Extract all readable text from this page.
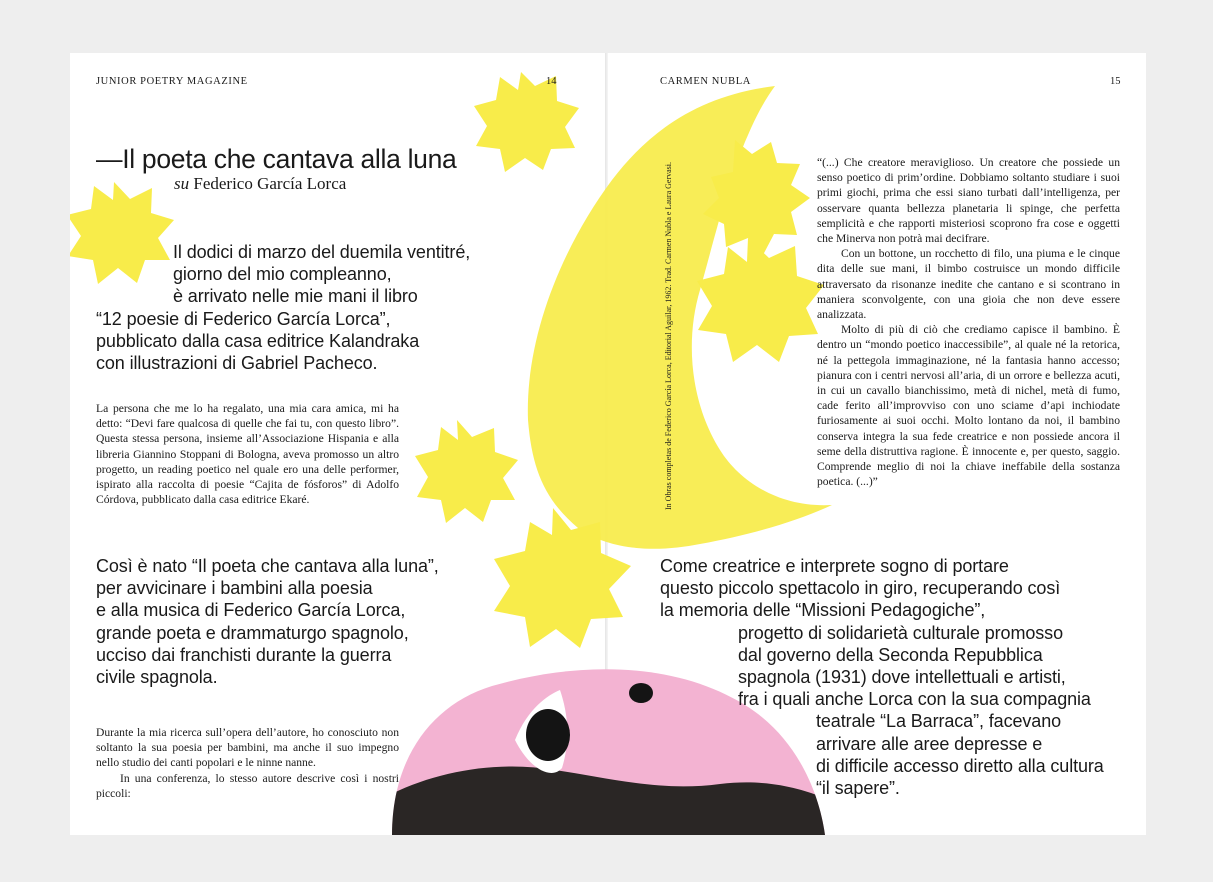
JUNIOR POETRY MAGAZINE	14
—Il poeta che cantava alla luna
su Federico García Lorca
Il dodici di marzo del duemila ventitré,
giorno del mio compleanno,
è arrivato nelle mie mani il libro
“12 poesie di Federico García Lorca”,
pubblicato dalla casa editrice Kalandraka
con illustrazioni di Gabriel Pacheco.

La persona che me lo ha regalato, una mia cara amica, mi ha detto: “Devi fare qualcosa di quelle che fai tu, con questo libro”. Questa stessa persona, insieme all’Associazione Hispania e alla libreria Giannino Stoppani di Bologna, aveva promosso un altro progetto, un reading poetico nel quale ero una delle performer, ispirato alla raccolta di poesie “Cajita de fósforos” di Adolfo Córdova, pubblicato dalla casa editrice Ekaré.

Così è nato “Il poeta che cantava alla luna”,
per avvicinare i bambini alla poesia
e alla musica di Federico García Lorca,
grande poeta e drammaturgo spagnolo,
ucciso dai franchisti durante la guerra
civile spagnola.

Durante la mia ricerca sull’opera dell’autore, ho conosciuto non soltanto la sua poesia per bambini, ma anche il suo impegno nello studio dei canti popolari e le ninne nanne.

In una conferenza, lo stesso autore descrive così i nostri piccoli:

CARMEN NUBLA	15
In Obras completas de Federico García Lorca, Editorial Aguilar, 1962. Trad. Carmen Nubla e Laura Gervasi.	“(...) Che creatore meraviglioso. Un creatore che possiede un senso poetico di prim’ordine. Dobbiamo soltanto studiare i suoi primi giochi, prima che essi siano turbati dall’intelligenza, per osservare quanta bellezza planetaria li spinge, che perfetta semplicità e che rapporti misteriosi scoprono fra cose e oggetti che Minerva non potrà mai decifrare.

Con un bottone, un rocchetto di filo, una piuma e le cinque dita delle sue mani, il bimbo costruisce un mondo difficile attraversato da risonanze inedite che cantano e si scontrano in maniera sconvolgente, con una gioia che non deve essere analizzata.

Molto di più di ciò che crediamo capisce il bambino. È dentro un “mondo poetico inaccessibile”, al quale né la retorica, né la pettegola immaginazione, né la fantasia hanno accesso; pianura con i centri nervosi all’aria, di un orrore e bellezza acuti, in cui un cavallo bianchissimo, metà di nichel, metà di fumo, cade ferito all’improvviso con uno sciame d’api inchiodate furiosamente ai suoi occhi. Molto lontano da noi, il bambino conserva integra la sua fede creatrice e non possiede ancora il seme della distruttiva ragione. È innocente e, per questo, saggio. Comprende meglio di noi la chiave ineffabile della sostanza poetica. (...)”

Come creatrice e interprete sogno di portare
questo piccolo spettacolo in giro, recuperando così
la memoria delle “Missioni Pedagogiche”,
progetto di solidarietà culturale promosso
dal governo della Seconda Repubblica
spagnola (1931) dove intellettuali e artisti,
fra i quali anche Lorca con la sua compagnia
teatrale “La Barraca”, facevano
arrivare alle aree depresse e
di difficile accesso diretto alla cultura
“il sapere”.
